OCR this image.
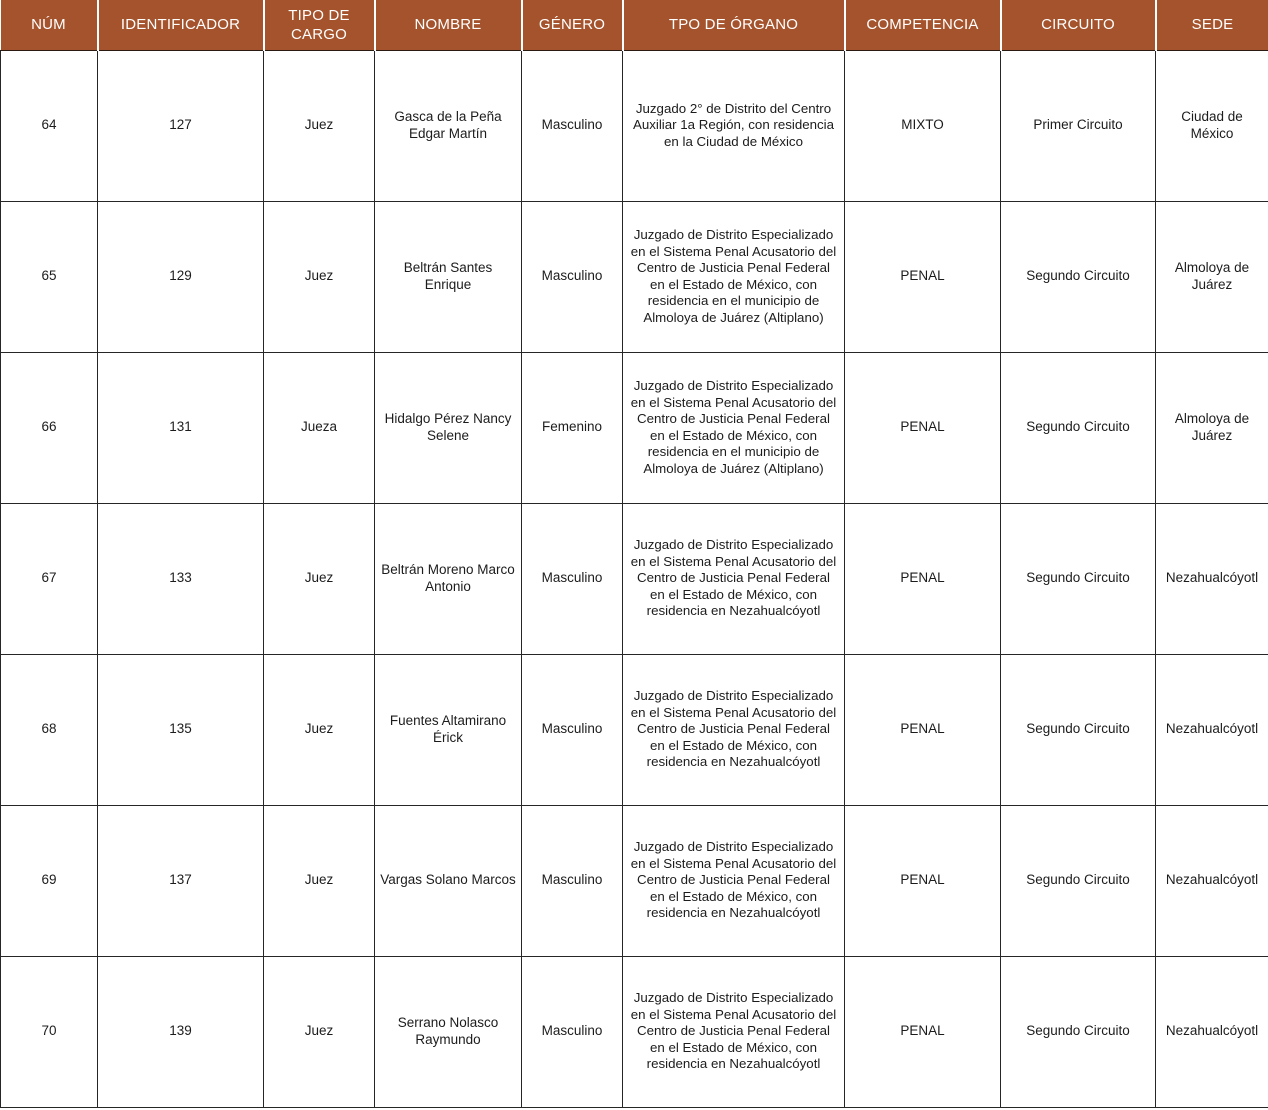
NÚM	IDENTIFICADOR	TIPO DE CARGO	NOMBRE	GÉNERO	TPO DE ÓRGANO	COMPETENCIA	CIRCUITO	SEDE
64	127	Juez	Gasca de la Peña Edgar Martín	Masculino	Juzgado 2° de Distrito del Centro Auxiliar 1a Región, con residencia en la Ciudad de México	MIXTO	Primer Circuito	Ciudad de México
65	129	Juez	Beltrán Santes Enrique	Masculino	Juzgado de Distrito Especializado en el Sistema Penal Acusatorio del Centro de Justicia Penal Federal en el Estado de México, con residencia en el municipio de Almoloya de Juárez (Altiplano)	PENAL	Segundo Circuito	Almoloya de Juárez
66	131	Jueza	Hidalgo Pérez Nancy Selene	Femenino	Juzgado de Distrito Especializado en el Sistema Penal Acusatorio del Centro de Justicia Penal Federal en el Estado de México, con residencia en el municipio de Almoloya de Juárez (Altiplano)	PENAL	Segundo Circuito	Almoloya de Juárez
67	133	Juez	Beltrán Moreno Marco Antonio	Masculino	Juzgado de Distrito Especializado en el Sistema Penal Acusatorio del Centro de Justicia Penal Federal en el Estado de México, con residencia en Nezahualcóyotl	PENAL	Segundo Circuito	Nezahualcóyotl
68	135	Juez	Fuentes Altamirano Érick	Masculino	Juzgado de Distrito Especializado en el Sistema Penal Acusatorio del Centro de Justicia Penal Federal en el Estado de México, con residencia en Nezahualcóyotl	PENAL	Segundo Circuito	Nezahualcóyotl
69	137	Juez	Vargas Solano Marcos	Masculino	Juzgado de Distrito Especializado en el Sistema Penal Acusatorio del Centro de Justicia Penal Federal en el Estado de México, con residencia en Nezahualcóyotl	PENAL	Segundo Circuito	Nezahualcóyotl
70	139	Juez	Serrano Nolasco Raymundo	Masculino	Juzgado de Distrito Especializado en el Sistema Penal Acusatorio del Centro de Justicia Penal Federal en el Estado de México, con residencia en Nezahualcóyotl	PENAL	Segundo Circuito	Nezahualcóyotl
